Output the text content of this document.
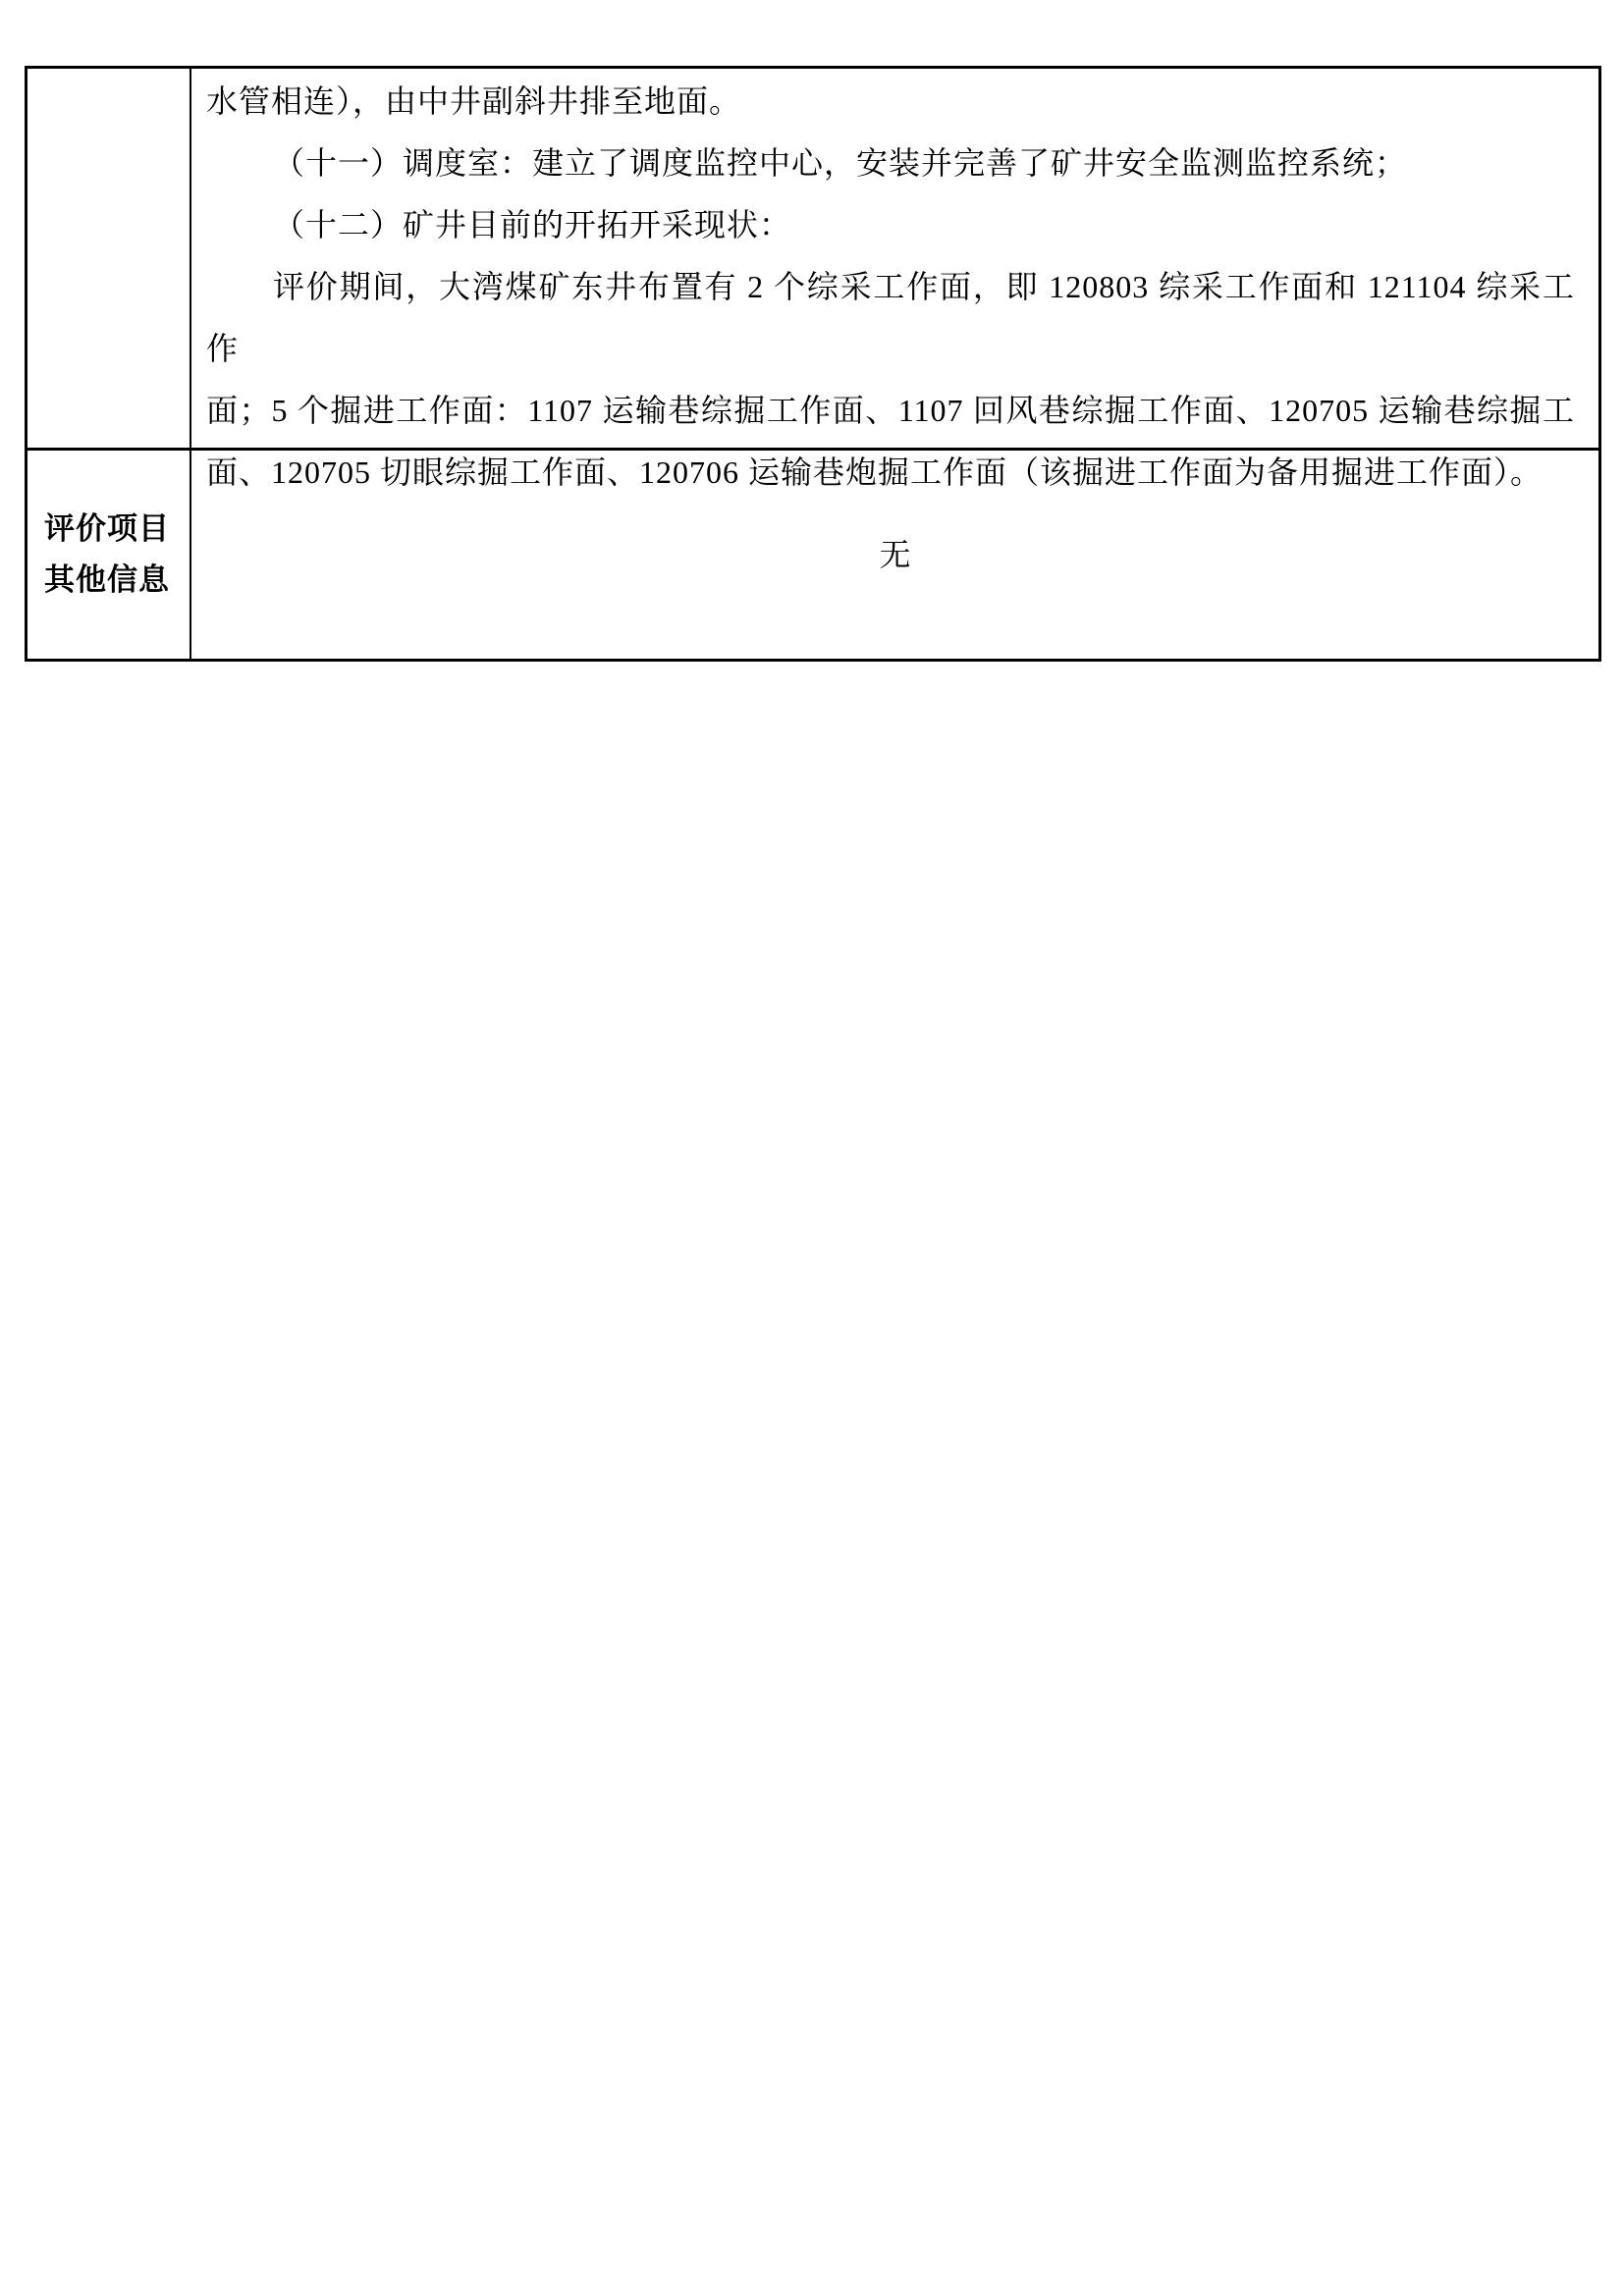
水管相连），由中井副斜井排至地面。
（十一）调度室：建立了调度监控中心，安装并完善了矿井安全监测监控系统；
（十二）矿井目前的开拓开采现状：
评价期间，大湾煤矿东井布置有 2 个综采工作面，即 120803 综采工作面和 121104 综采工作
面；5 个掘进工作面：1107 运输巷综掘工作面、1107 回风巷综掘工作面、120705 运输巷综掘工
面、120705 切眼综掘工作面、120706 运输巷炮掘工作面（该掘进工作面为备用掘进工作面）。
评价项目
其他信息
无
